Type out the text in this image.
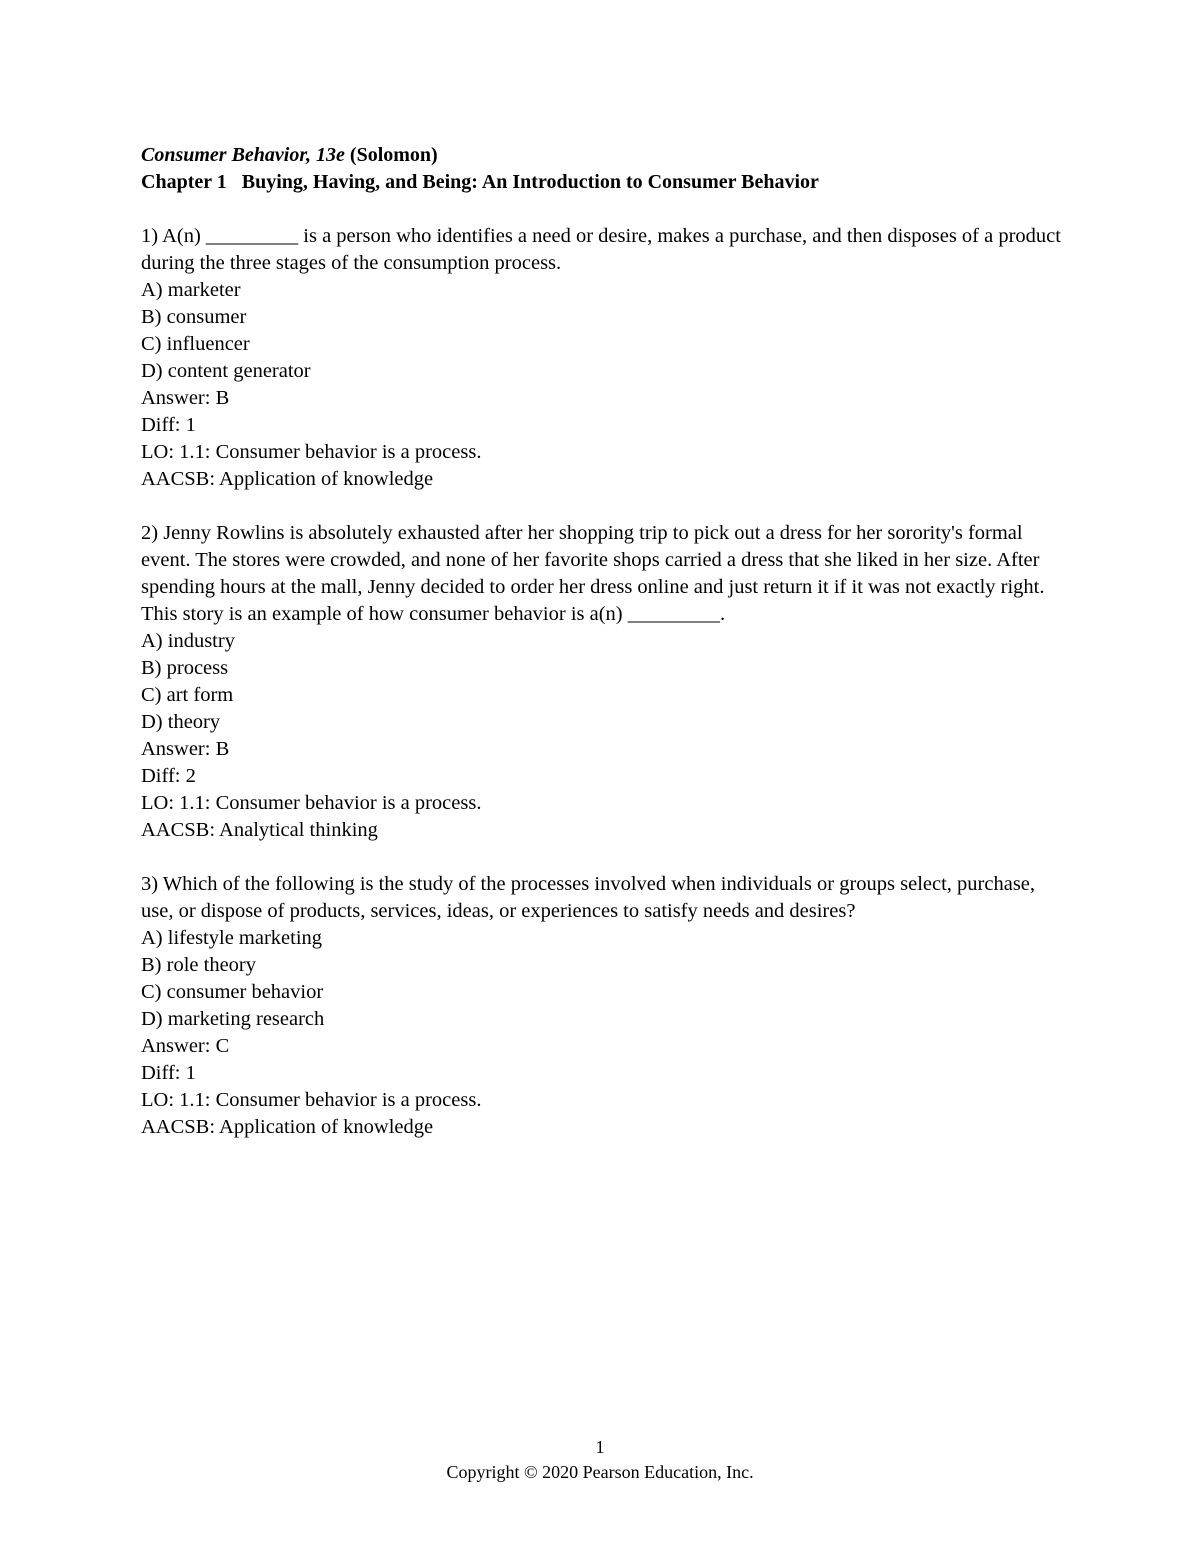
Consumer Behavior, 13e (Solomon)
Chapter 1 Buying, Having, and Being: An Introduction to Consumer Behavior
1) A(n) _________ is a person who identifies a need or desire, makes a purchase, and then disposes of a product during the three stages of the consumption process.
A) marketer
B) consumer
C) influencer
D) content generator
Answer: B
Diff: 1
LO: 1.1: Consumer behavior is a process.
AACSB: Application of knowledge
2) Jenny Rowlins is absolutely exhausted after her shopping trip to pick out a dress for her sorority's formal event. The stores were crowded, and none of her favorite shops carried a dress that she liked in her size. After spending hours at the mall, Jenny decided to order her dress online and just return it if it was not exactly right. This story is an example of how consumer behavior is a(n) _________.
A) industry
B) process
C) art form
D) theory
Answer: B
Diff: 2
LO: 1.1: Consumer behavior is a process.
AACSB: Analytical thinking
3) Which of the following is the study of the processes involved when individuals or groups select, purchase, use, or dispose of products, services, ideas, or experiences to satisfy needs and desires?
A) lifestyle marketing
B) role theory
C) consumer behavior
D) marketing research
Answer: C
Diff: 1
LO: 1.1: Consumer behavior is a process.
AACSB: Application of knowledge
1
Copyright © 2020 Pearson Education, Inc.
